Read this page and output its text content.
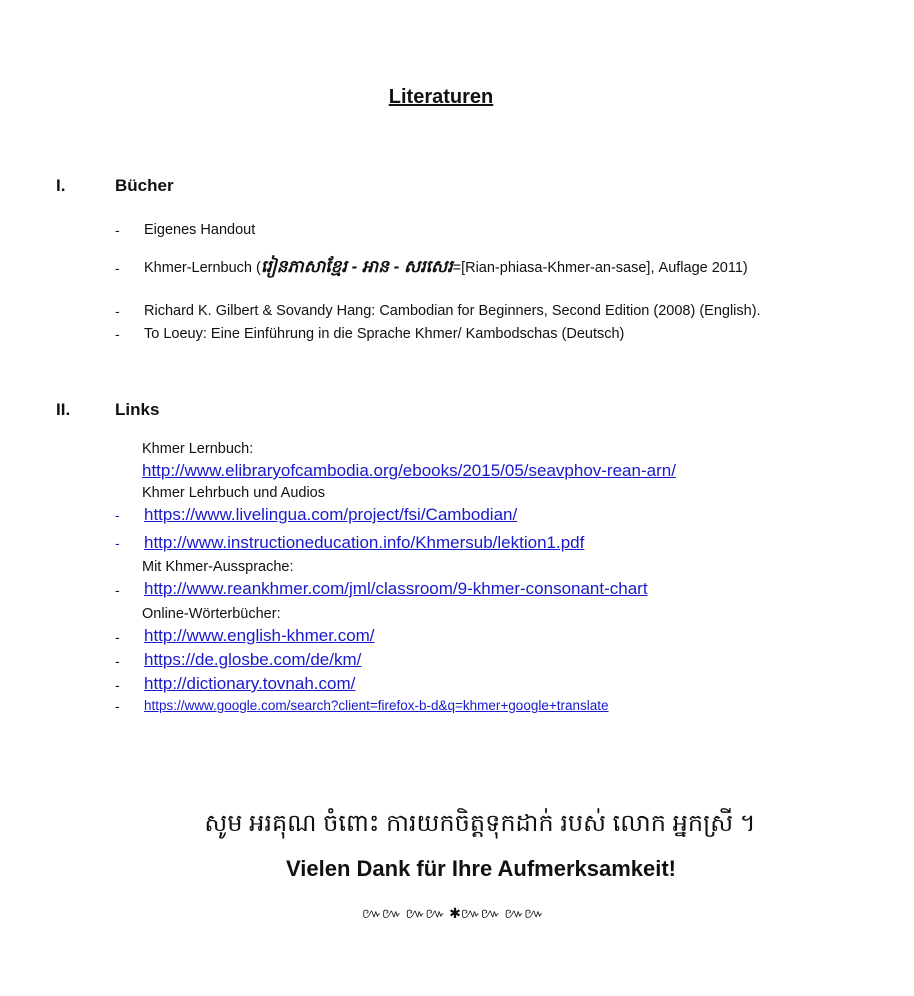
Literaturen
I.	Bücher
- Eigenes Handout
- Khmer-Lernbuch (រៀនភាសាខ្មែរ - អាន - សរសេរ=[Rian-phiasa-Khmer-an-sase], Auflage 2011)
- Richard K. Gilbert & Sovandy Hang: Cambodian for Beginners, Second Edition (2008) (English).
- To Loeuy: Eine Einführung in die Sprache Khmer/ Kambodschas (Deutsch)
II.	Links
Khmer Lernbuch:
http://www.elibraryofcambodia.org/ebooks/2015/05/seavphov-rean-arn/
Khmer Lehrbuch und Audios
- https://www.livelingua.com/project/fsi/Cambodian/
- http://www.instructioneducation.info/Khmersub/lektion1.pdf
Mit Khmer-Aussprache:
- http://www.reankhmer.com/jml/classroom/9-khmer-consonant-chart
Online-Wörterbücher:
- http://www.english-khmer.com/
- https://de.glosbe.com/de/km/
- http://dictionary.tovnah.com/
- https://www.google.com/search?client=firefox-b-d&q=khmer+google+translate
សូម អរគុណ ចំពោះ ការយកចិត្តទុកដាក់ របស់ លោក អ្នកស្រី ។
Vielen Dank für Ihre Aufmerksamkeit!
៚៚ ៚៚ ✱៚៚ ៚៚
